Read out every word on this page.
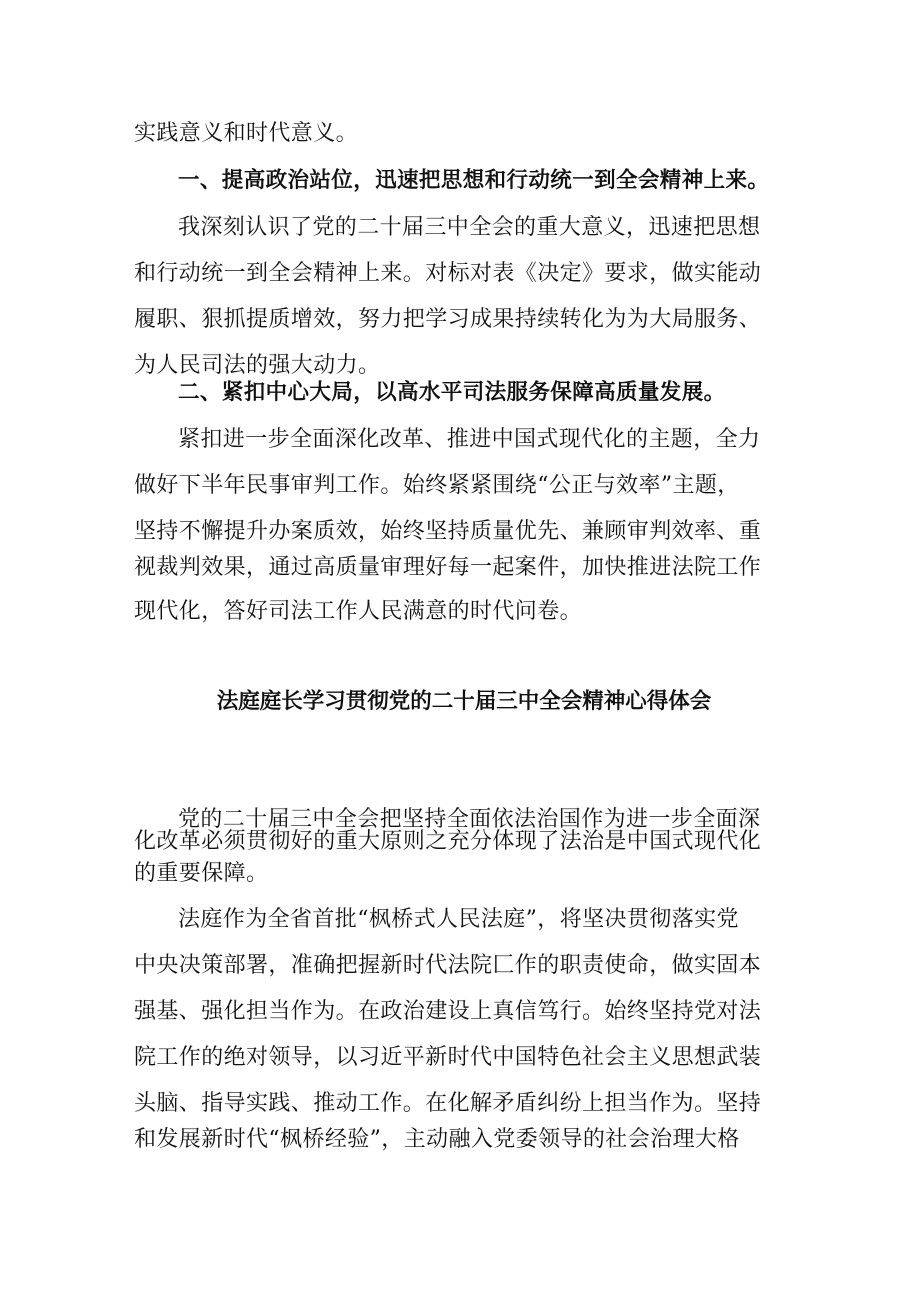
实践意义和时代意义。
一、提高政治站位，迅速把思想和行动统一到全会精神上来。
我深刻认识了党的二十届三中全会的重大意义，迅速把思想
和行动统一到全会精神上来。对标对表《决定》要求，做实能动
履职、狠抓提质增效，努力把学习成果持续转化为为大局服务、
为人民司法的强大动力。
二、紧扣中心大局，以高水平司法服务保障高质量发展。
紧扣进一步全面深化改革、推进中国式现代化的主题，全力
做好下半年民事审判工作。始终紧紧围绕“公正与效率”主题，
坚持不懈提升办案质效，始终坚持质量优先、兼顾审判效率、重
视裁判效果，通过高质量审理好每一起案件，加快推进法院工作
现代化，答好司法工作人民满意的时代问卷。
法庭庭长学习贯彻党的二十届三中全会精神心得体会
党的二十届三中全会把坚持全面依法治国作为进一步全面深
化改革必须贯彻好的重大原则之充分体现了法治是中国式现代化
的重要保障。
法庭作为全省首批“枫桥式人民法庭”，将坚决贯彻落实党
中央决策部署，准确把握新时代法院匚作的职责使命，做实固本
强基、强化担当作为。在政治建设上真信笃行。始终坚持党对法
院工作的绝对领导，以习近平新时代中国特色社会主义思想武装
头脑、指导实践、推动工作。在化解矛盾纠纷上担当作为。坚持
和发展新时代“枫桥经验”，主动融入党委领导的社会治理大格
